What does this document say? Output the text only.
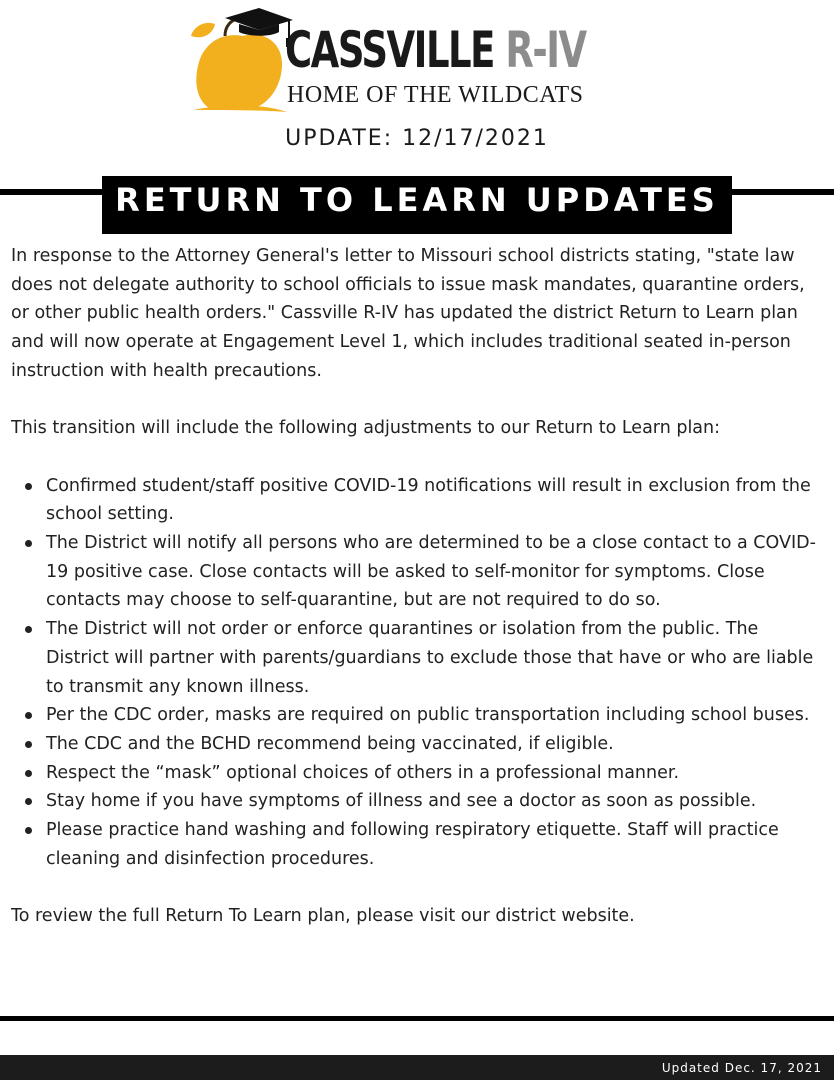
CASSVILLE R-IV
HOME OF THE WILDCATS
UPDATE: 12/17/2021
RETURN TO LEARN UPDATES

In response to the Attorney General's letter to Missouri school districts stating, "state law does not delegate authority to school officials to issue mask mandates, quarantine orders, or other public health orders." Cassville R-IV has updated the district Return to Learn plan and will now operate at Engagement Level 1, which includes traditional seated in-person instruction with health precautions.

This transition will include the following adjustments to our Return to Learn plan:

Confirmed student/staff positive COVID-19 notifications will result in exclusion from the school setting.
The District will notify all persons who are determined to be a close contact to a COVID-19 positive case. Close contacts will be asked to self-monitor for symptoms. Close contacts may choose to self-quarantine, but are not required to do so.
The District will not order or enforce quarantines or isolation from the public. The District will partner with parents/guardians to exclude those that have or who are liable to transmit any known illness.
Per the CDC order, masks are required on public transportation including school buses.
The CDC and the BCHD recommend being vaccinated, if eligible.
Respect the “mask” optional choices of others in a professional manner.
Stay home if you have symptoms of illness and see a doctor as soon as possible.
Please practice hand washing and following respiratory etiquette. Staff will practice cleaning and disinfection procedures.

To review the full Return To Learn plan, please visit our district website.

Updated Dec. 17, 2021
